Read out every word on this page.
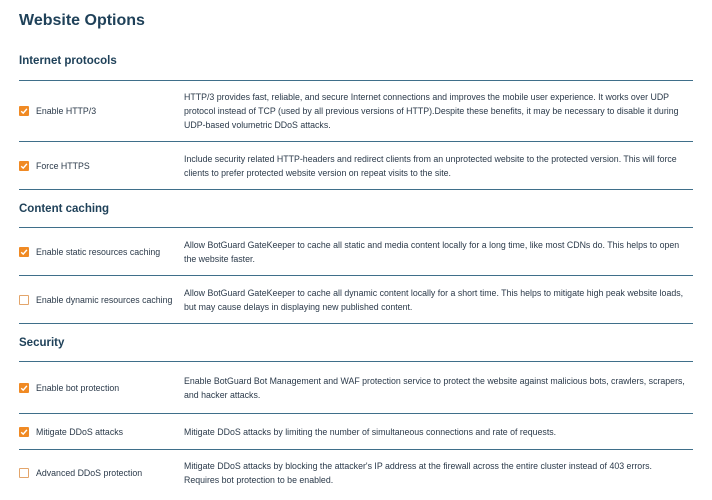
Website Options
Internet protocols
Enable HTTP/3
HTTP/3 provides fast, reliable, and secure Internet connections and improves the mobile user experience. It works over UDP protocol instead of TCP (used by all previous versions of HTTP).Despite these benefits, it may be necessary to disable it during UDP-based volumetric DDoS attacks.
Force HTTPS
Include security related HTTP-headers and redirect clients from an unprotected website to the protected version. This will force clients to prefer protected website version on repeat visits to the site.
Content caching
Enable static resources caching
Allow BotGuard GateKeeper to cache all static and media content locally for a long time, like most CDNs do. This helps to open the website faster.
Enable dynamic resources caching
Allow BotGuard GateKeeper to cache all dynamic content locally for a short time. This helps to mitigate high peak website loads, but may cause delays in displaying new published content.
Security
Enable bot protection
Enable BotGuard Bot Management and WAF protection service to protect the website against malicious bots, crawlers, scrapers, and hacker attacks.
Mitigate DDoS attacks	Mitigate DDoS attacks by limiting the number of simultaneous connections and rate of requests.
Advanced DDoS protection
Mitigate DDoS attacks by blocking the attacker's IP address at the firewall across the entire cluster instead of 403 errors. Requires bot protection to be enabled.
